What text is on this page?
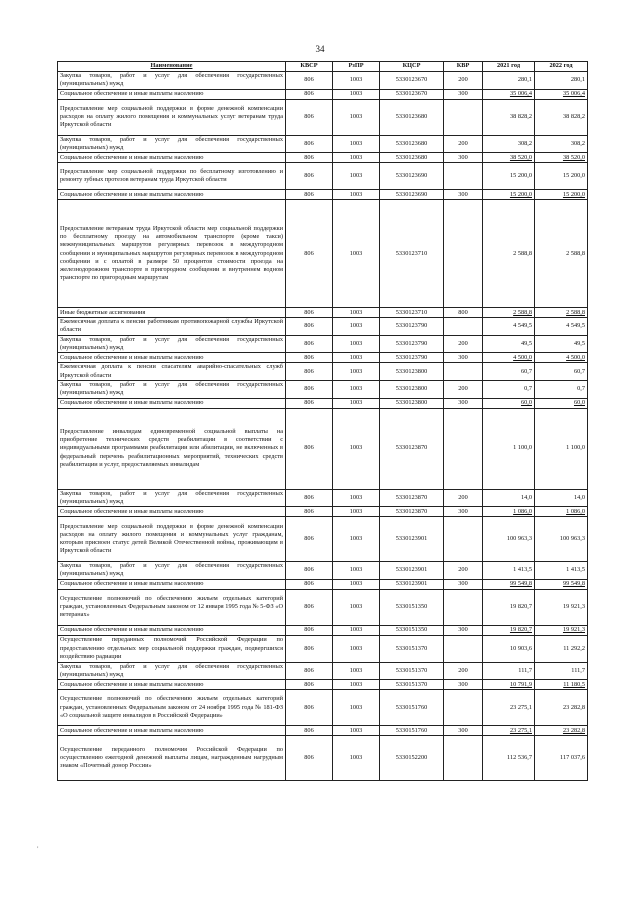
34
Наименование	КВСР	РзПР	КЦСР	КВР	2021 год	2022 год
Закупка товаров, работ и услуг для обеспечения государственных (муниципальных) нужд	806	1003	5330123670	200	280,1	280,1
Социальное обеспечение и иные выплаты населению	806	1003	5330123670	300	35 006,4	35 006,4
Предоставление мер социальной поддержки в форме денежной компенсации расходов на оплату жилого помещения и коммунальных услуг ветеранам труда Иркутской области	806	1003	5330123680		38 828,2	38 828,2
Закупка товаров, работ и услуг для обеспечения государственных (муниципальных) нужд	806	1003	5330123680	200	308,2	308,2
Социальное обеспечение и иные выплаты населению	806	1003	5330123680	300	38 520,0	38 520,0
Предоставление мер социальной поддержки по бесплатному изготовлению и ремонту зубных протезов ветеранам труда Иркутской области	806	1003	5330123690		15 200,0	15 200,0
Социальное обеспечение и иные выплаты населению	806	1003	5330123690	300	15 200,0	15 200,0
Предоставление ветеранам труда Иркутской области мер социальной поддержки по бесплатному проезду на автомобильном транспорте (кроме такси) межмуниципальных маршрутов регулярных перевозок в междугородном сообщении и муниципальных маршрутов регулярных перевозок в междугородном сообщении и с оплатой в размере 50 процентов стоимости проезда на железнодорожном транспорте в пригородном сообщении и внутреннем водном транспорте по пригородным маршрутам	806	1003	5330123710		2 588,8	2 588,8
Иные бюджетные ассигнования	806	1003	5330123710	800	2 588,8	2 588,8
Ежемесячная доплата к пенсии работникам противопожарной службы Иркутской области	806	1003	5330123790		4 549,5	4 549,5
Закупка товаров, работ и услуг для обеспечения государственных (муниципальных) нужд	806	1003	5330123790	200	49,5	49,5
Социальное обеспечение и иные выплаты населению	806	1003	5330123790	300	4 500,0	4 500,0
Ежемесячная доплата к пенсии спасателям аварийно-спасательных служб Иркутской области	806	1003	5330123800		60,7	60,7
Закупка товаров, работ и услуг для обеспечения государственных (муниципальных) нужд	806	1003	5330123800	200	0,7	0,7
Социальное обеспечение и иные выплаты населению	806	1003	5330123800	300	60,0	60,0
Предоставление инвалидам единовременной социальной выплаты на приобретение технических средств реабилитации в соответствии с индивидуальными программами реабилитации или абилитации, не включенных в федеральный перечень реабилитационных мероприятий, технических средств реабилитации и услуг, предоставляемых инвалидам	806	1003	5330123870		1 100,0	1 100,0
Закупка товаров, работ и услуг для обеспечения государственных (муниципальных) нужд	806	1003	5330123870	200	14,0	14,0
Социальное обеспечение и иные выплаты населению	806	1003	5330123870	300	1 086,0	1 086,0
Предоставление мер социальной поддержки в форме денежной компенсации расходов на оплату жилого помещения и коммунальных услуг гражданам, которым присвоен статус детей Великой Отечественной войны, проживающим в Иркутской области	806	1003	5330123901		100 963,3	100 963,3
Закупка товаров, работ и услуг для обеспечения государственных (муниципальных) нужд	806	1003	5330123901	200	1 413,5	1 413,5
Социальное обеспечение и иные выплаты населению	806	1003	5330123901	300	99 549,8	99 549,8
Осуществление полномочий по обеспечению жильем отдельных категорий граждан, установленных Федеральным законом от 12 января 1995 года № 5-ФЗ «О ветеранах»	806	1003	5330151350		19 820,7	19 921,3
Социальное обеспечение и иные выплаты населению	806	1003	5330151350	300	19 820,7	19 921,3
Осуществление переданных полномочий Российской Федерации по предоставлению отдельных мер социальной поддержки граждан, подвергшихся воздействию радиации	806	1003	5330151370		10 903,6	11 292,2
Закупка товаров, работ и услуг для обеспечения государственных (муниципальных) нужд	806	1003	5330151370	200	111,7	111,7
Социальное обеспечение и иные выплаты населению	806	1003	5330151370	300	10 791,9	11 180,5
Осуществление полномочий по обеспечению жильем отдельных категорий граждан, установленных Федеральным законом от 24 ноября 1995 года № 181-ФЗ «О социальной защите инвалидов в Российской Федерации»	806	1003	5330151760		23 275,1	23 282,8
Социальное обеспечение и иные выплаты населению	806	1003	5330151760	300	23 275,1	23 282,8
Осуществление переданного полномочия Российской Федерации по осуществлению ежегодной денежной выплаты лицам, награжденным нагрудным знаком «Почетный донор России»	806	1003	5330152200		112 536,7	117 037,6
,
